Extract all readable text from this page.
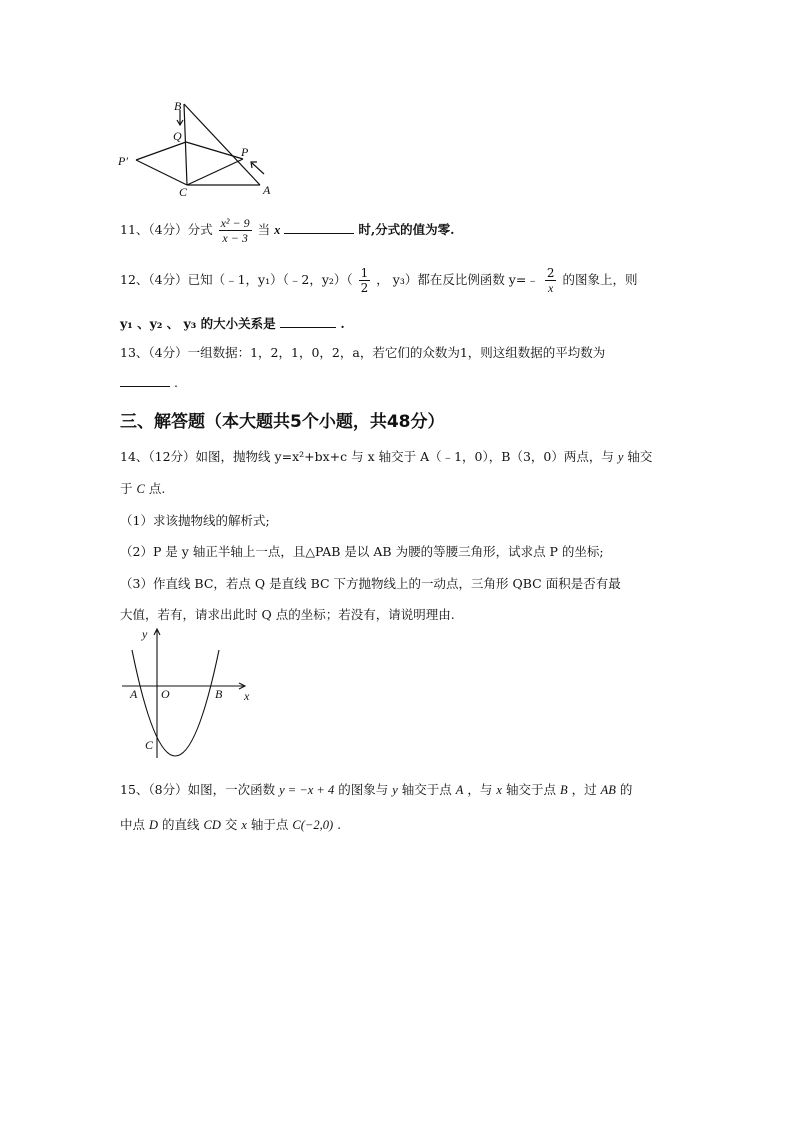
B
Q
P′
P
C	A
11、（4分）分式 $\frac{\text{x² − 9}}{x - 3}$ 当 x	时,分式的值为零.
12、（4分）已知（﹣1，y₁）（﹣2，$y_2)( \frac{1}{2}$ ， y₃）都在反比例函数 y=﹣ $\frac{2}{x}$ 的图象上，则
y₁ 、y₂ 、 y₃ 的大小关系是	.
13、（4分）一组数据：1，2，1，0，2，a，若它们的众数为1，则这组数据的平均数为
.
三、解答题（本大题共5个小题，共48分）
14、（12分）如图，抛物线 y=x²+bx+c 与 x 轴交于 A（﹣1，0），B（3，0）两点，与 y 轴交
于 C 点.
（1）求该抛物线的解析式;
（2）P 是 y 轴正半轴上一点，且△PAB 是以 AB 为腰的等腰三角形，试求点 P 的坐标;
（3）作直线 BC，若点 Q 是直线 BC 下方抛物线上的一动点，三角形 QBC 面积是否有最
大值，若有，请求出此时 Q 点的坐标；若没有，请说明理由.
y
A O	B x
C
15、（8分）如图，一次函数 y = −x + 4 的图象与 y 轴交于点 A ，与 x 轴交于点 B ，过 AB 的
中点 D 的直线 CD 交 x 轴于点 C(−2,0) .
